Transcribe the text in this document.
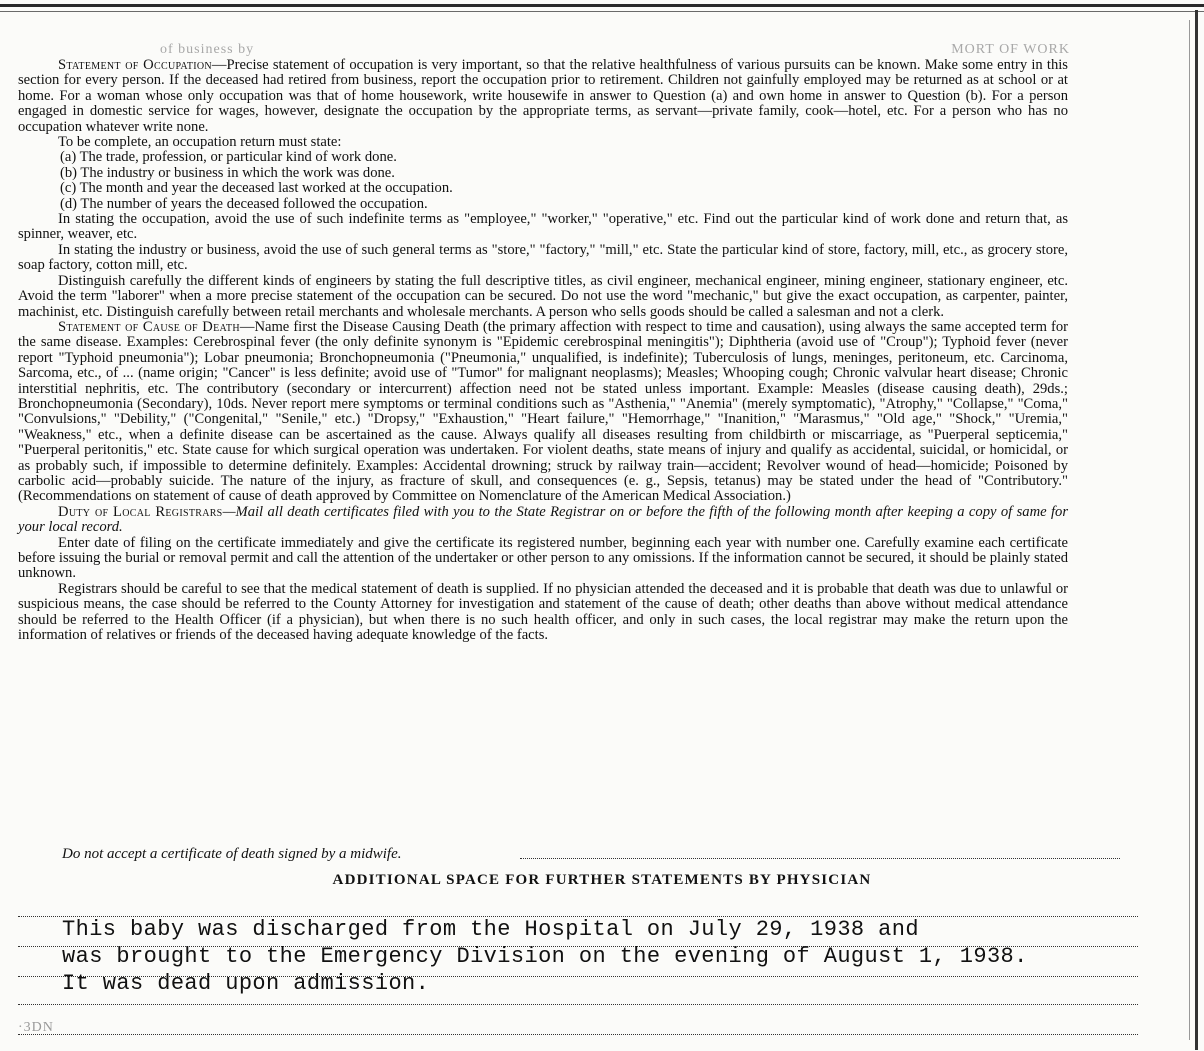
of business by	MORT OF WORK

Statement of Occupation—Precise statement of occupation is very important, so that the relative healthfulness of various pursuits can be known. Make some entry in this section for every person. If the deceased had retired from business, report the occupation prior to retirement. Children not gainfully employed may be returned as at school or at home. For a woman whose only occupation was that of home housework, write housewife in answer to Question (a) and own home in answer to Question (b). For a person engaged in domestic service for wages, however, designate the occupation by the appropriate terms, as servant—private family, cook—hotel, etc. For a person who has no occupation whatever write none.

To be complete, an occupation return must state:

(a) The trade, profession, or particular kind of work done.
(b) The industry or business in which the work was done.
(c) The month and year the deceased last worked at the occupation.
(d) The number of years the deceased followed the occupation.

In stating the occupation, avoid the use of such indefinite terms as "employee," "worker," "operative," etc. Find out the particular kind of work done and return that, as spinner, weaver, etc.

In stating the industry or business, avoid the use of such general terms as "store," "factory," "mill," etc. State the particular kind of store, factory, mill, etc., as grocery store, soap factory, cotton mill, etc.

Distinguish carefully the different kinds of engineers by stating the full descriptive titles, as civil engineer, mechanical engineer, mining engineer, stationary engineer, etc. Avoid the term "laborer" when a more precise statement of the occupation can be secured. Do not use the word "mechanic," but give the exact occupation, as carpenter, painter, machinist, etc. Distinguish carefully between retail merchants and wholesale merchants. A person who sells goods should be called a salesman and not a clerk.

Statement of Cause of Death—Name first the Disease Causing Death (the primary affection with respect to time and causation), using always the same accepted term for the same disease. Examples: Cerebrospinal fever (the only definite synonym is "Epidemic cerebrospinal meningitis"); Diphtheria (avoid use of "Croup"); Typhoid fever (never report "Typhoid pneumonia"); Lobar pneumonia; Bronchopneumonia ("Pneumonia," unqualified, is indefinite); Tuberculosis of lungs, meninges, peritoneum, etc. Carcinoma, Sarcoma, etc., of ... (name origin; "Cancer" is less definite; avoid use of "Tumor" for malignant neoplasms); Measles; Whooping cough; Chronic valvular heart disease; Chronic interstitial nephritis, etc. The contributory (secondary or intercurrent) affection need not be stated unless important. Example: Measles (disease causing death), 29ds.; Bronchopneumonia (Secondary), 10ds. Never report mere symptoms or terminal conditions such as "Asthenia," "Anemia" (merely symptomatic), "Atrophy," "Collapse," "Coma," "Convulsions," "Debility," ("Congenital," "Senile," etc.) "Dropsy," "Exhaustion," "Heart failure," "Hemorrhage," "Inanition," "Marasmus," "Old age," "Shock," "Uremia," "Weakness," etc., when a definite disease can be ascertained as the cause. Always qualify all diseases resulting from childbirth or miscarriage, as "Puerperal septicemia," "Puerperal peritonitis," etc. State cause for which surgical operation was undertaken. For violent deaths, state means of injury and qualify as accidental, suicidal, or homicidal, or as probably such, if impossible to determine definitely. Examples: Accidental drowning; struck by railway train—accident; Revolver wound of head—homicide; Poisoned by carbolic acid—probably suicide. The nature of the injury, as fracture of skull, and consequences (e. g., Sepsis, tetanus) may be stated under the head of "Contributory." (Recommendations on statement of cause of death approved by Committee on Nomenclature of the American Medical Association.)

Duty of Local Registrars—Mail all death certificates filed with you to the State Registrar on or before the fifth of the following month after keeping a copy of same for your local record.

Enter date of filing on the certificate immediately and give the certificate its registered number, beginning each year with number one. Carefully examine each certificate before issuing the burial or removal permit and call the attention of the undertaker or other person to any omissions. If the information cannot be secured, it should be plainly stated unknown.

Registrars should be careful to see that the medical statement of death is supplied. If no physician attended the deceased and it is probable that death was due to unlawful or suspicious means, the case should be referred to the County Attorney for investigation and statement of the cause of death; other deaths than above without medical attendance should be referred to the Health Officer (if a physician), but when there is no such health officer, and only in such cases, the local registrar may make the return upon the information of relatives or friends of the deceased having adequate knowledge of the facts.

Do not accept a certificate of death signed by a midwife.
ADDITIONAL SPACE FOR FURTHER STATEMENTS BY PHYSICIAN
This baby was discharged from the Hospital on July 29, 1938 and
was brought to the Emergency Division on the evening of August 1, 1938.
It was dead upon admission.
·3DN
